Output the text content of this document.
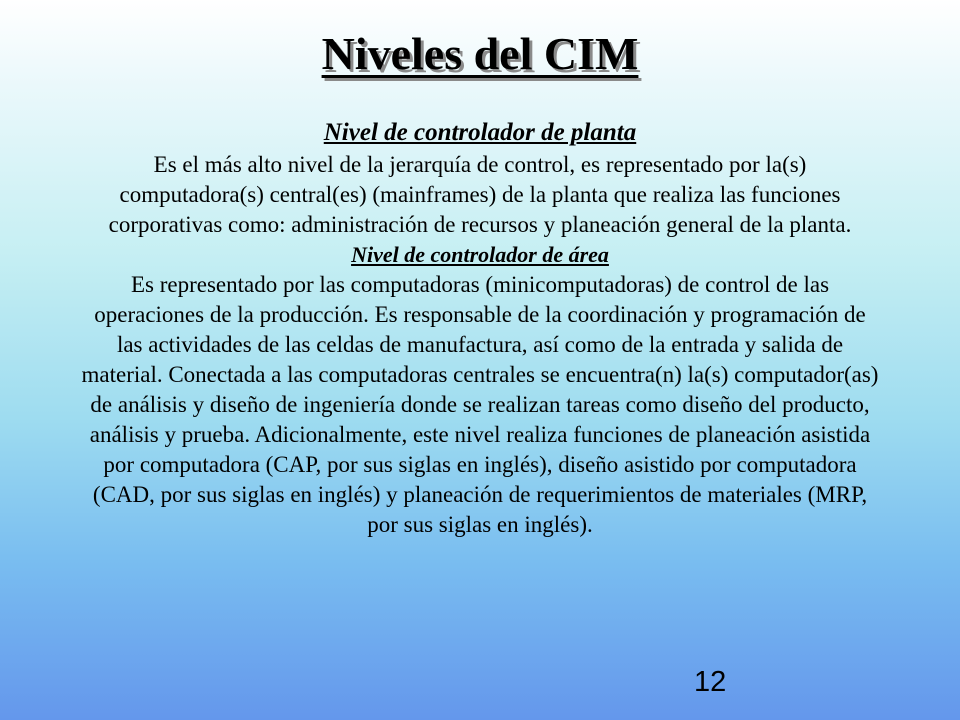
Niveles del CIM
Nivel de controlador de planta

Es el más alto nivel de la jerarquía de control, es representado por la(s) computadora(s) central(es) (mainframes) de la planta que realiza las funciones corporativas como: administración de recursos y planeación general de la planta.

Nivel de controlador de área

Es representado por las computadoras (minicomputadoras) de control de las operaciones de la producción. Es responsable de la coordinación y programación de las actividades de las celdas de manufactura, así como de la entrada y salida de material. Conectada a las computadoras centrales se encuentra(n) la(s) computador(as) de análisis y diseño de ingeniería donde se realizan tareas como diseño del producto, análisis y prueba. Adicionalmente, este nivel realiza funciones de planeación asistida por computadora (CAP, por sus siglas en inglés), diseño asistido por computadora (CAD, por sus siglas en inglés) y planeación de requerimientos de materiales (MRP, por sus siglas en inglés).

12
